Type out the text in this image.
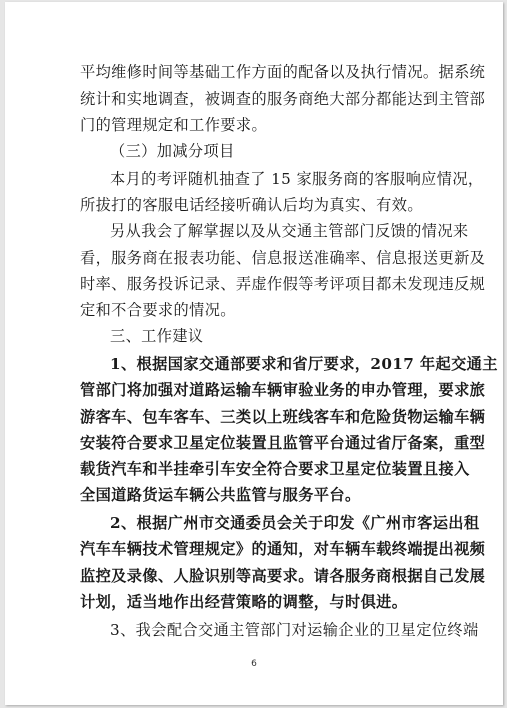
平均维修时间等基础工作方面的配备以及执行情况。据系统
统计和实地调查，被调查的服务商绝大部分都能达到主管部
门的管理规定和工作要求。
（三）加减分项目
本月的考评随机抽查了 15 家服务商的客服响应情况，
所拔打的客服电话经接听确认后均为真实、有效。
另从我会了解掌握以及从交通主管部门反馈的情况来
看，服务商在报表功能、信息报送准确率、信息报送更新及
时率、服务投诉记录、弄虚作假等考评项目都未发现违反规
定和不合要求的情况。
三、工作建议
1、根据国家交通部要求和省厅要求，2017 年起交通主
管部门将加强对道路运输车辆审验业务的申办管理，要求旅
游客车、包车客车、三类以上班线客车和危险货物运输车辆
安装符合要求卫星定位装置且监管平台通过省厅备案，重型
载货汽车和半挂牵引车安全符合要求卫星定位装置且接入
全国道路货运车辆公共监管与服务平台。
2、根据广州市交通委员会关于印发《广州市客运出租
汽车车辆技术管理规定》的通知，对车辆车载终端提出视频
监控及录像、人脸识别等高要求。请各服务商根据自己发展
计划，适当地作出经营策略的调整，与时俱进。
3、我会配合交通主管部门对运输企业的卫星定位终端
6
